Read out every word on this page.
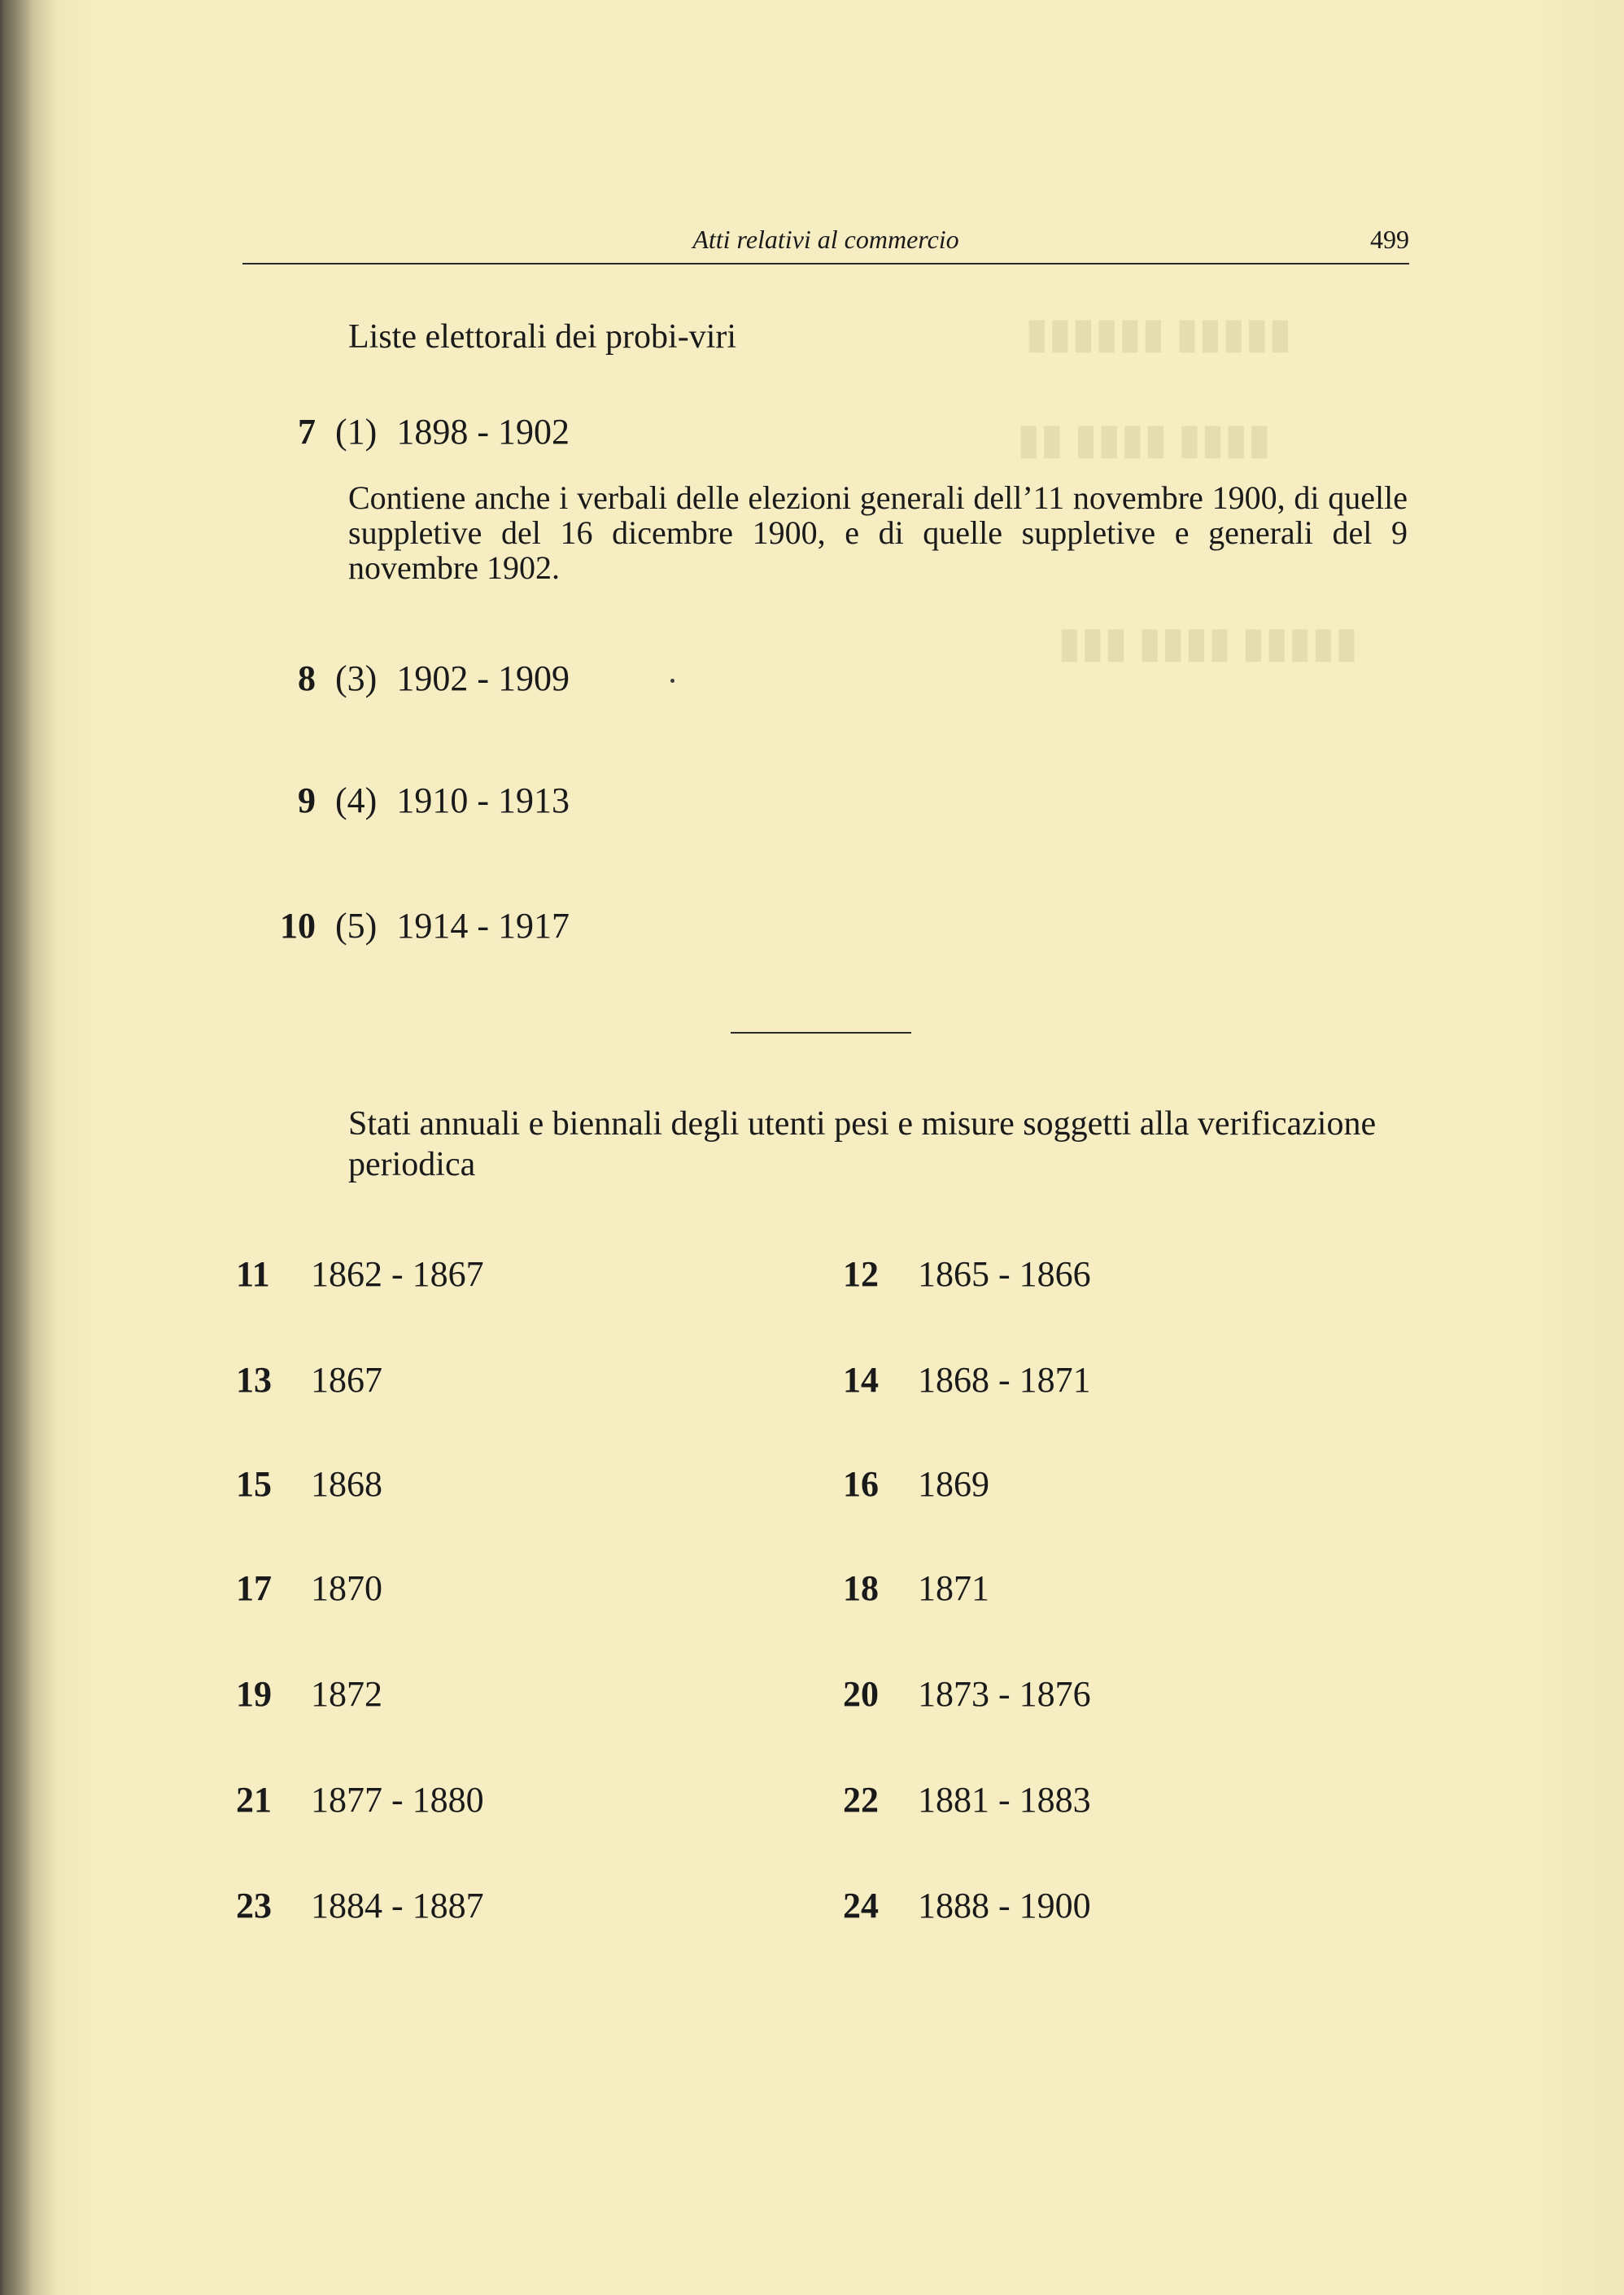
▮▮▮▮▮ ▮▮▮▮▮▮
▮▮▮▮ ▮▮▮▮ ▮▮
▮▮▮▮▮ ▮▮▮▮ ▮▮▮
Atti relativi al commercio	499
Liste elettorali dei probi-viri
7 (1) 1898 - 1902
Contiene anche i verbali delle elezioni generali dell’11 novembre 1900, di quelle suppletive del 16 dicembre 1900, e di quelle suppletive e generali del 9 novembre 1902.
8 (3) 1902 - 1909
9 (4) 1910 - 1913
10 (5) 1914 - 1917
Stati annuali e biennali degli utenti pesi e misure soggetti alla verificazione periodica
11 1862 - 1867	12 1865 - 1866
13 1867	14 1868 - 1871
15 1868	16 1869
17 1870	18 1871
19 1872	20 1873 - 1876
21 1877 - 1880	22 1881 - 1883
23 1884 - 1887	24 1888 - 1900
